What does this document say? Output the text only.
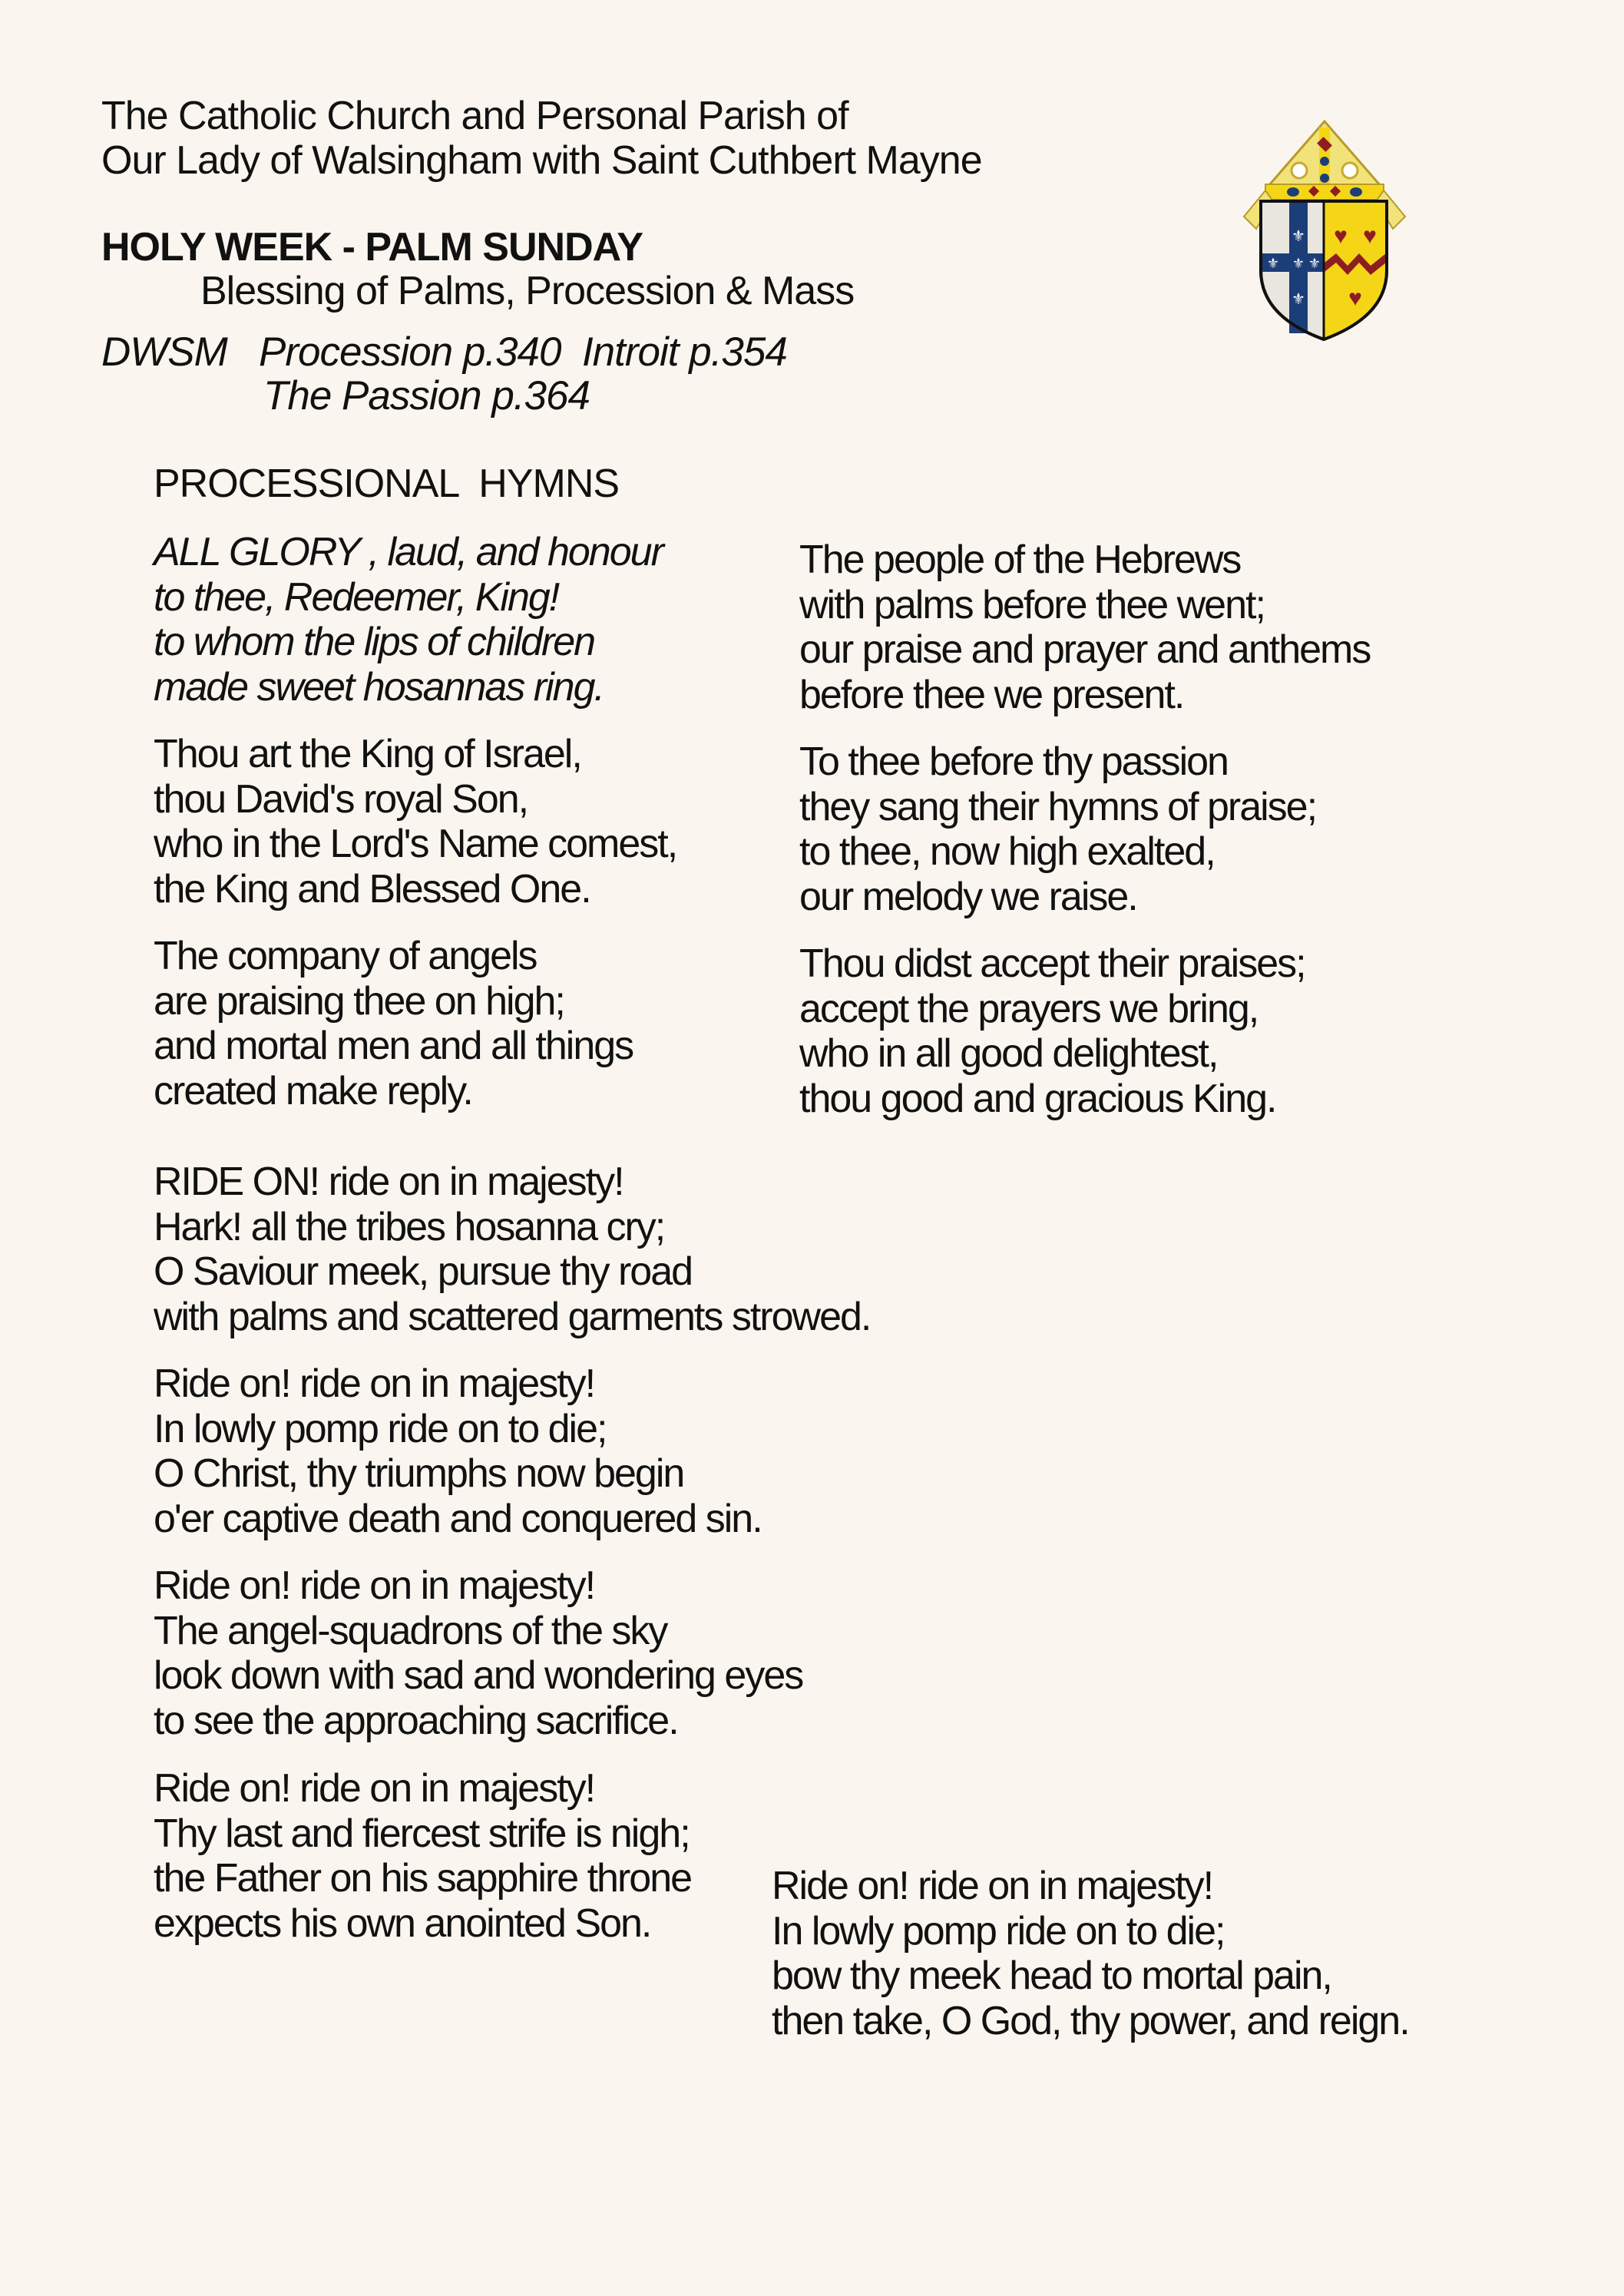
The Catholic Church and Personal Parish of
Our Lady of Walsingham with Saint Cuthbert Mayne
HOLY WEEK - PALM SUNDAY
Blessing of Palms, Procession & Mass
DWSM   Procession p.340  Introit p.354
The Passion p.364
PROCESSIONAL  HYMNS
⚜
⚜ ⚜ ⚜
⚜
♥ ♥
♥
ALL GLORY , laud, and honour
to thee, Redeemer, King!
to whom the lips of children
made sweet hosannas ring.
Thou art the King of Israel,
thou David's royal Son,
who in the Lord's Name comest,
the King and Blessed One.
The company of angels
are praising thee on high;
and mortal men and all things
created make reply.
The people of the Hebrews
with palms before thee went;
our praise and prayer and anthems
before thee we present.
To thee before thy passion
they sang their hymns of praise;
to thee, now high exalted,
our melody we raise.
Thou didst accept their praises;
accept the prayers we bring,
who in all good delightest,
thou good and gracious King.
RIDE ON! ride on in majesty!
Hark! all the tribes hosanna cry;
O Saviour meek, pursue thy road
with palms and scattered garments strowed.
Ride on! ride on in majesty!
In lowly pomp ride on to die;
O Christ, thy triumphs now begin
o'er captive death and conquered sin.
Ride on! ride on in majesty!
The angel-squadrons of the sky
look down with sad and wondering eyes
to see the approaching sacrifice.
Ride on! ride on in majesty!
Thy last and fiercest strife is nigh;
the Father on his sapphire throne
expects his own anointed Son.
Ride on! ride on in majesty!
In lowly pomp ride on to die;
bow thy meek head to mortal pain,
then take, O God, thy power, and reign.
